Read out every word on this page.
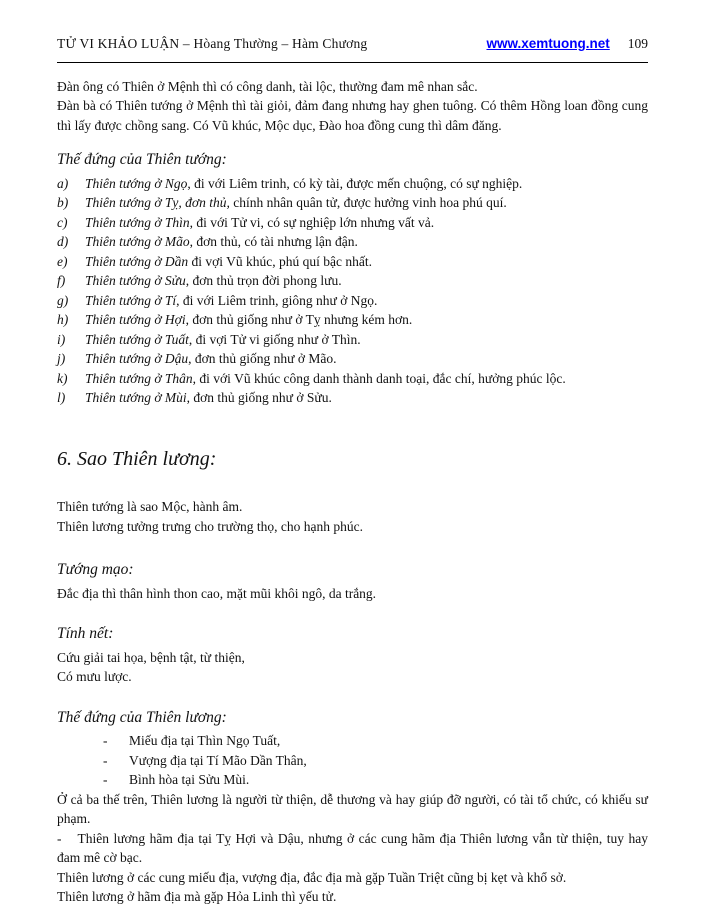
TỬ VI KHẢO LUẬN – Hòang Thường – Hàm Chương	www.xemtuong.net 109

Đàn ông có Thiên ở Mệnh thì có công danh, tài lộc, thường đam mê nhan sắc.

Đàn bà có Thiên tướng ở Mệnh thì tài giỏi, đảm đang nhưng hay ghen tuông. Có thêm Hồng loan đồng cung thì lấy được chồng sang. Có Vũ khúc, Mộc dục, Đào hoa đồng cung thì dâm đăng.

Thế đứng của Thiên tướng:
a)	Thiên tướng ở Ngọ, đi với Liêm trinh, có kỳ tài, được mến chuộng, có sự nghiệp.
b)	Thiên tướng ở Tỵ, đơn thủ, chính nhân quân tử, được hưởng vinh hoa phú quí.
c)	Thiên tướng ở Thìn, đi với Tử vi, có sự nghiệp lớn nhưng vất vả.
d)	Thiên tướng ở Mão, đơn thủ, có tài nhưng lận đận.
e)	Thiên tướng ở Dần đi vợi Vũ khúc, phú quí bậc nhất.
f)	Thiên tướng ở Sửu, đơn thủ trọn đời phong lưu.
g)	Thiên tướng ở Tí, đi với Liêm trinh, giông như ở Ngọ.
h)	Thiên tướng ở Hợi, đơn thủ giống như ở Tỵ nhưng kém hơn.
i)	Thiên tướng ở Tuất, đi vợi Tử vi giống như ở Thìn.
j)	Thiên tướng ở Dậu, đơn thủ giống như ở Mão.
k)	Thiên tướng ở Thân, đi với Vũ khúc công danh thành danh toại, đắc chí, hưởng phúc lộc.
l)	Thiên tướng ở Mùi, đơn thủ giống như ở Sửu.
6. Sao Thiên lương:

Thiên tướng là sao Mộc, hành âm.

Thiên lương tưởng trưng cho trường thọ, cho hạnh phúc.

Tướng mạo:

Đắc địa thì thân hình thon cao, mặt mũi khôi ngô, da trắng.

Tính nết:

Cứu giải tai họa, bệnh tật, từ thiện,

Có mưu lược.

Thế đứng của Thiên lương:
-	Miếu địa tại Thìn Ngọ Tuất,
-	Vượng địa tại Tí Mão Dần Thân,
-	Bình hòa tại Sửu Mùi.

Ở cả ba thế trên, Thiên lương là người từ thiện, dễ thương và hay giúp đỡ người, có tài tổ chức, có khiếu sư phạm.

- Thiên lương hãm địa tại Tỵ Hợi và Dậu, nhưng ở các cung hãm địa Thiên lương vẫn từ thiện, tuy hay đam mê cờ bạc.

Thiên lương ở các cung miếu địa, vượng địa, đắc địa mà gặp Tuần Triệt cũng bị kẹt và khổ sở.

Thiên lương ở hãm địa mà gặp Hỏa Linh thì yếu tử.
